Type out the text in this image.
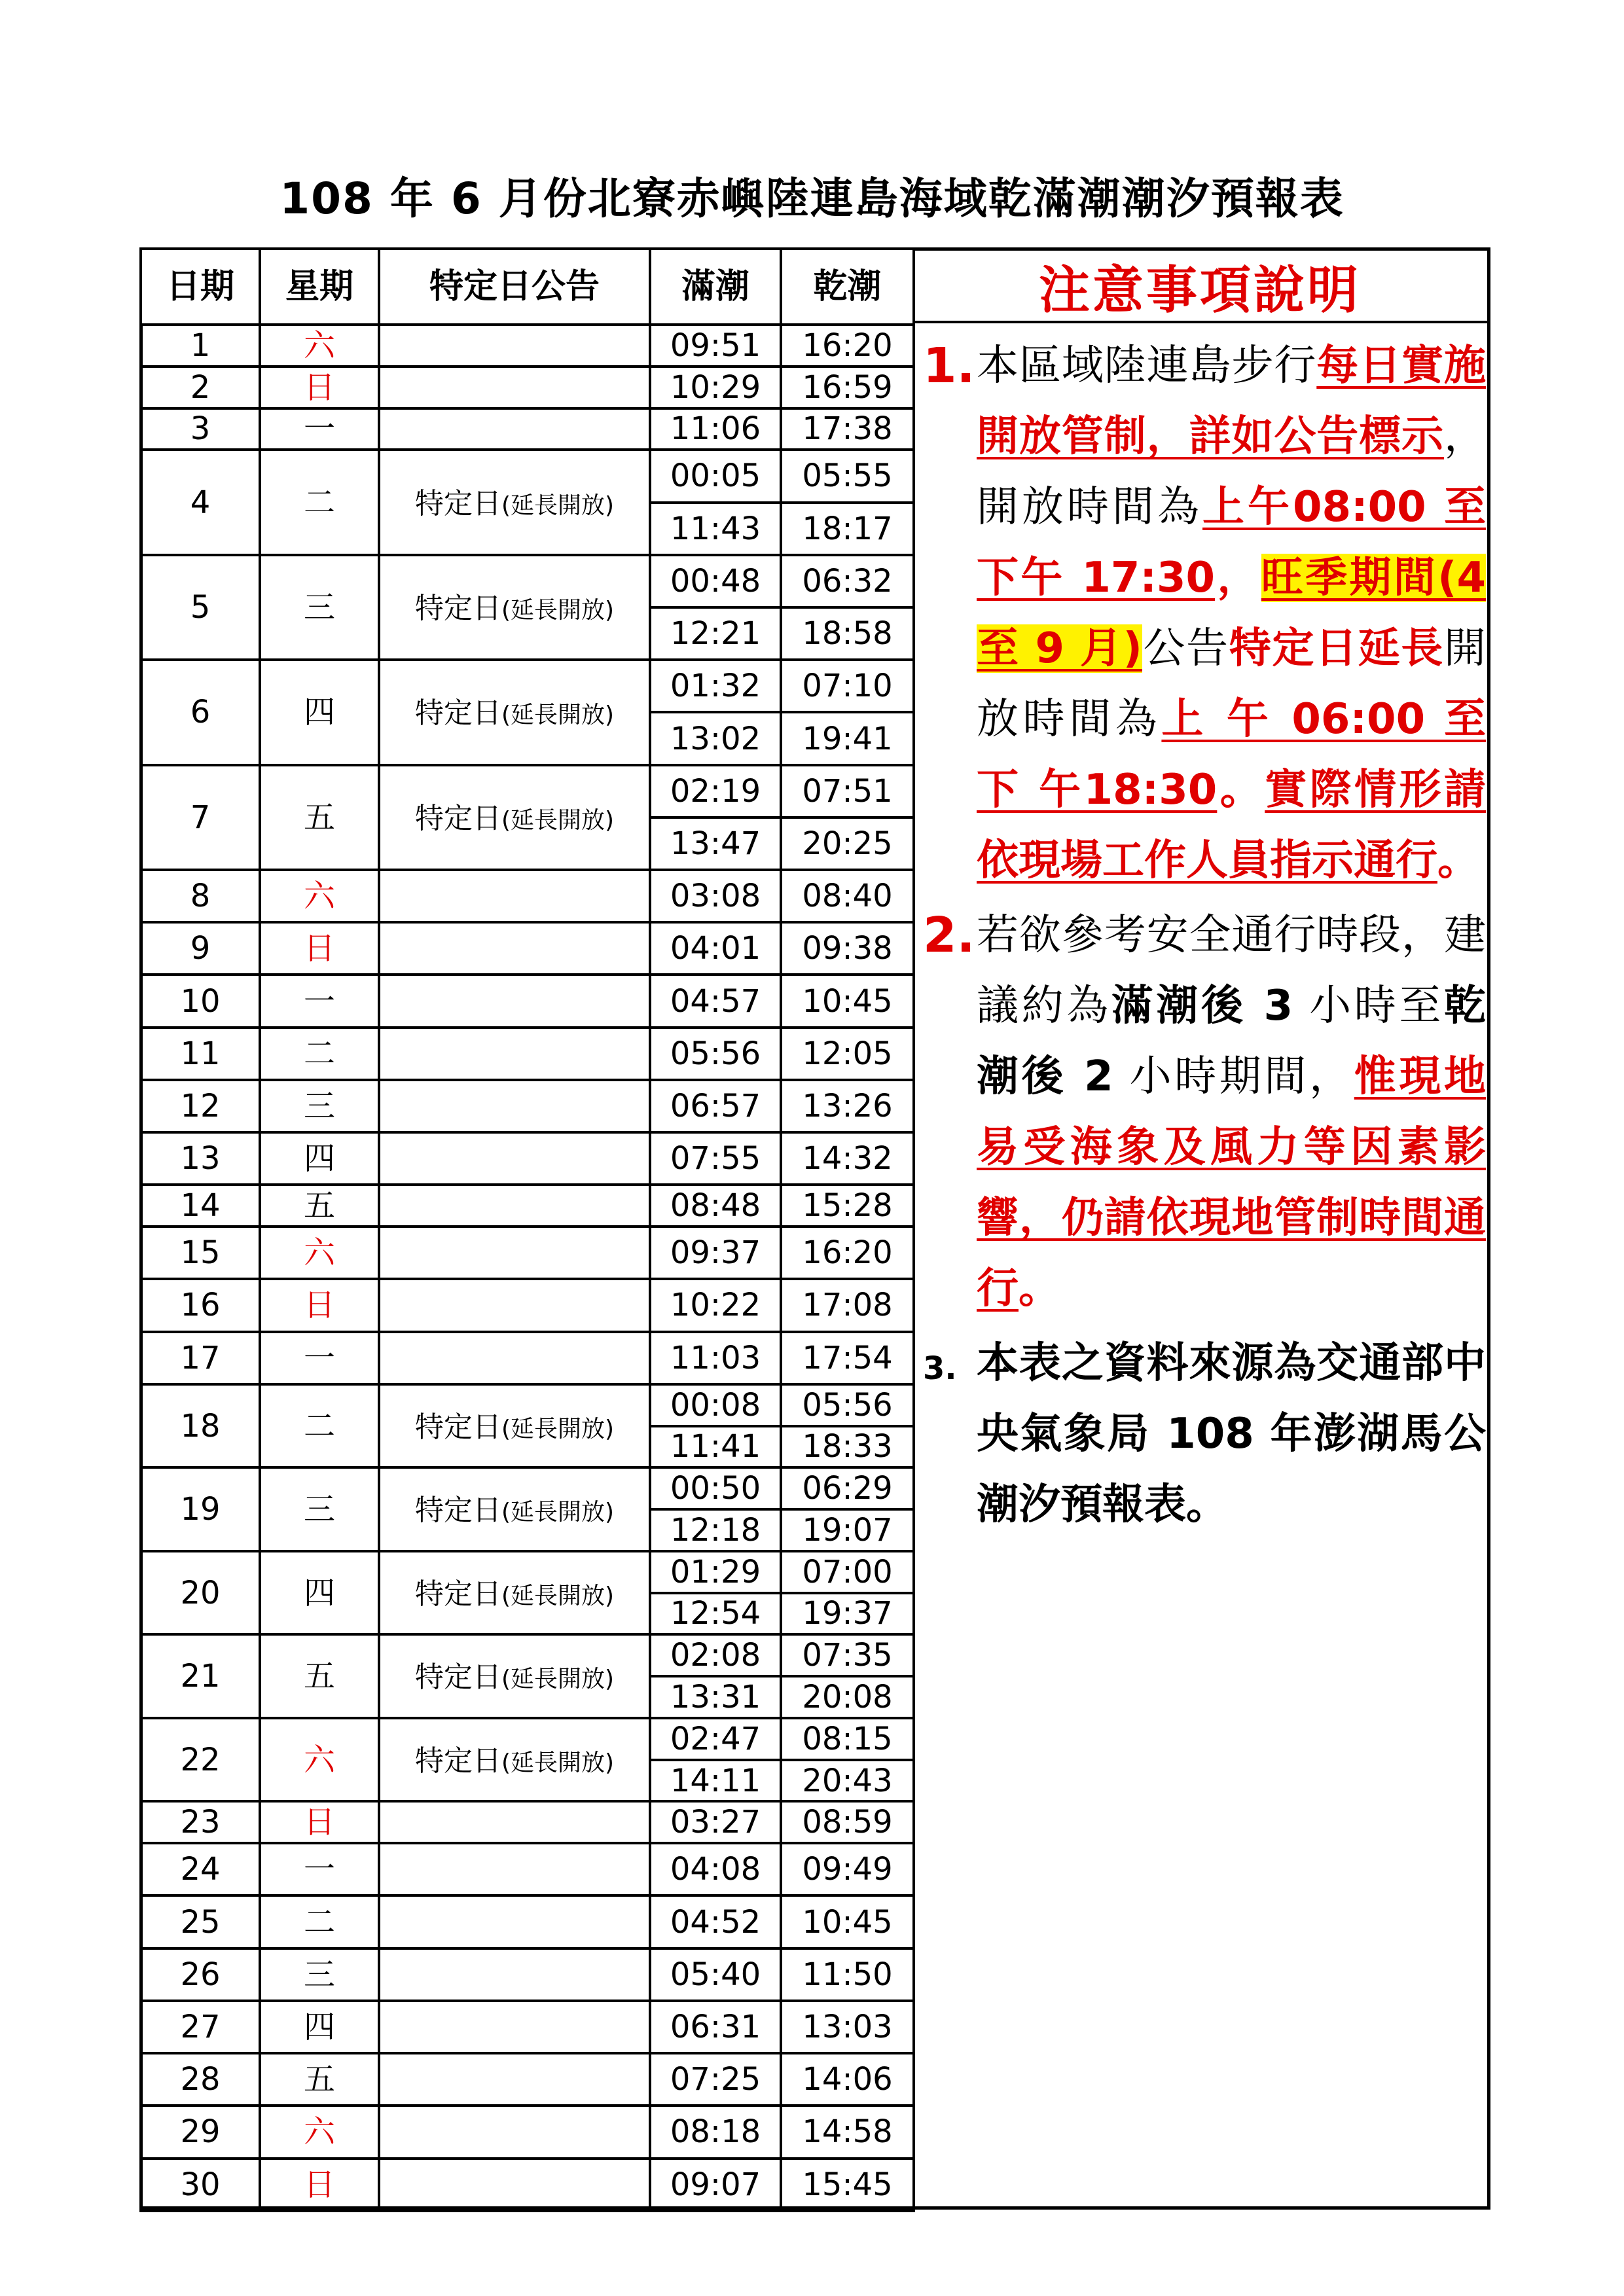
108 年 6 月份北寮赤嶼陸連島海域乾滿潮潮汐預報表
日期	星期	特定日公告	滿潮	乾潮
1	六		09:51	16:20
2	日		10:29	16:59
3	一		11:06	17:38
4	二	特定日(延長開放)	00:05	05:55
			11:43	18:17
5	三	特定日(延長開放)	00:48	06:32
			12:21	18:58
6	四	特定日(延長開放)	01:32	07:10
			13:02	19:41
7	五	特定日(延長開放)	02:19	07:51
			13:47	20:25
8	六		03:08	08:40
9	日		04:01	09:38
10	一		04:57	10:45
11	二		05:56	12:05
12	三		06:57	13:26
13	四		07:55	14:32
14	五		08:48	15:28
15	六		09:37	16:20
16	日		10:22	17:08
17	一		11:03	17:54
18	二	特定日(延長開放)	00:08	05:56
			11:41	18:33
19	三	特定日(延長開放)	00:50	06:29
			12:18	19:07
20	四	特定日(延長開放)	01:29	07:00
			12:54	19:37
21	五	特定日(延長開放)	02:08	07:35
			13:31	20:08
22	六	特定日(延長開放)	02:47	08:15
			14:11	20:43
23	日		03:27	08:59
24	一		04:08	09:49
25	二		04:52	10:45
26	三		05:40	11:50
27	四		06:31	13:03
28	五		07:25	14:06
29	六		08:18	14:58
30	日		09:07	15:45
注意事項說明

1. 本區域陸連島步行每日實施開放管制，詳如公告標示，開放時間為上午08:00 至下午 17:30，旺季期間(4 至 9 月)公告特定日延長開放時間為上 午 06:00 至 下 午18:30。實際情形請依現場工作人員指示通行。

2. 若欲參考安全通行時段，建議約為滿潮後 3 小時至乾潮後 2 小時期間，惟現地易受海象及風力等因素影響，仍請依現地管制時間通行。

3. 本表之資料來源為交通部中央氣象局 108 年澎湖馬公潮汐預報表。
